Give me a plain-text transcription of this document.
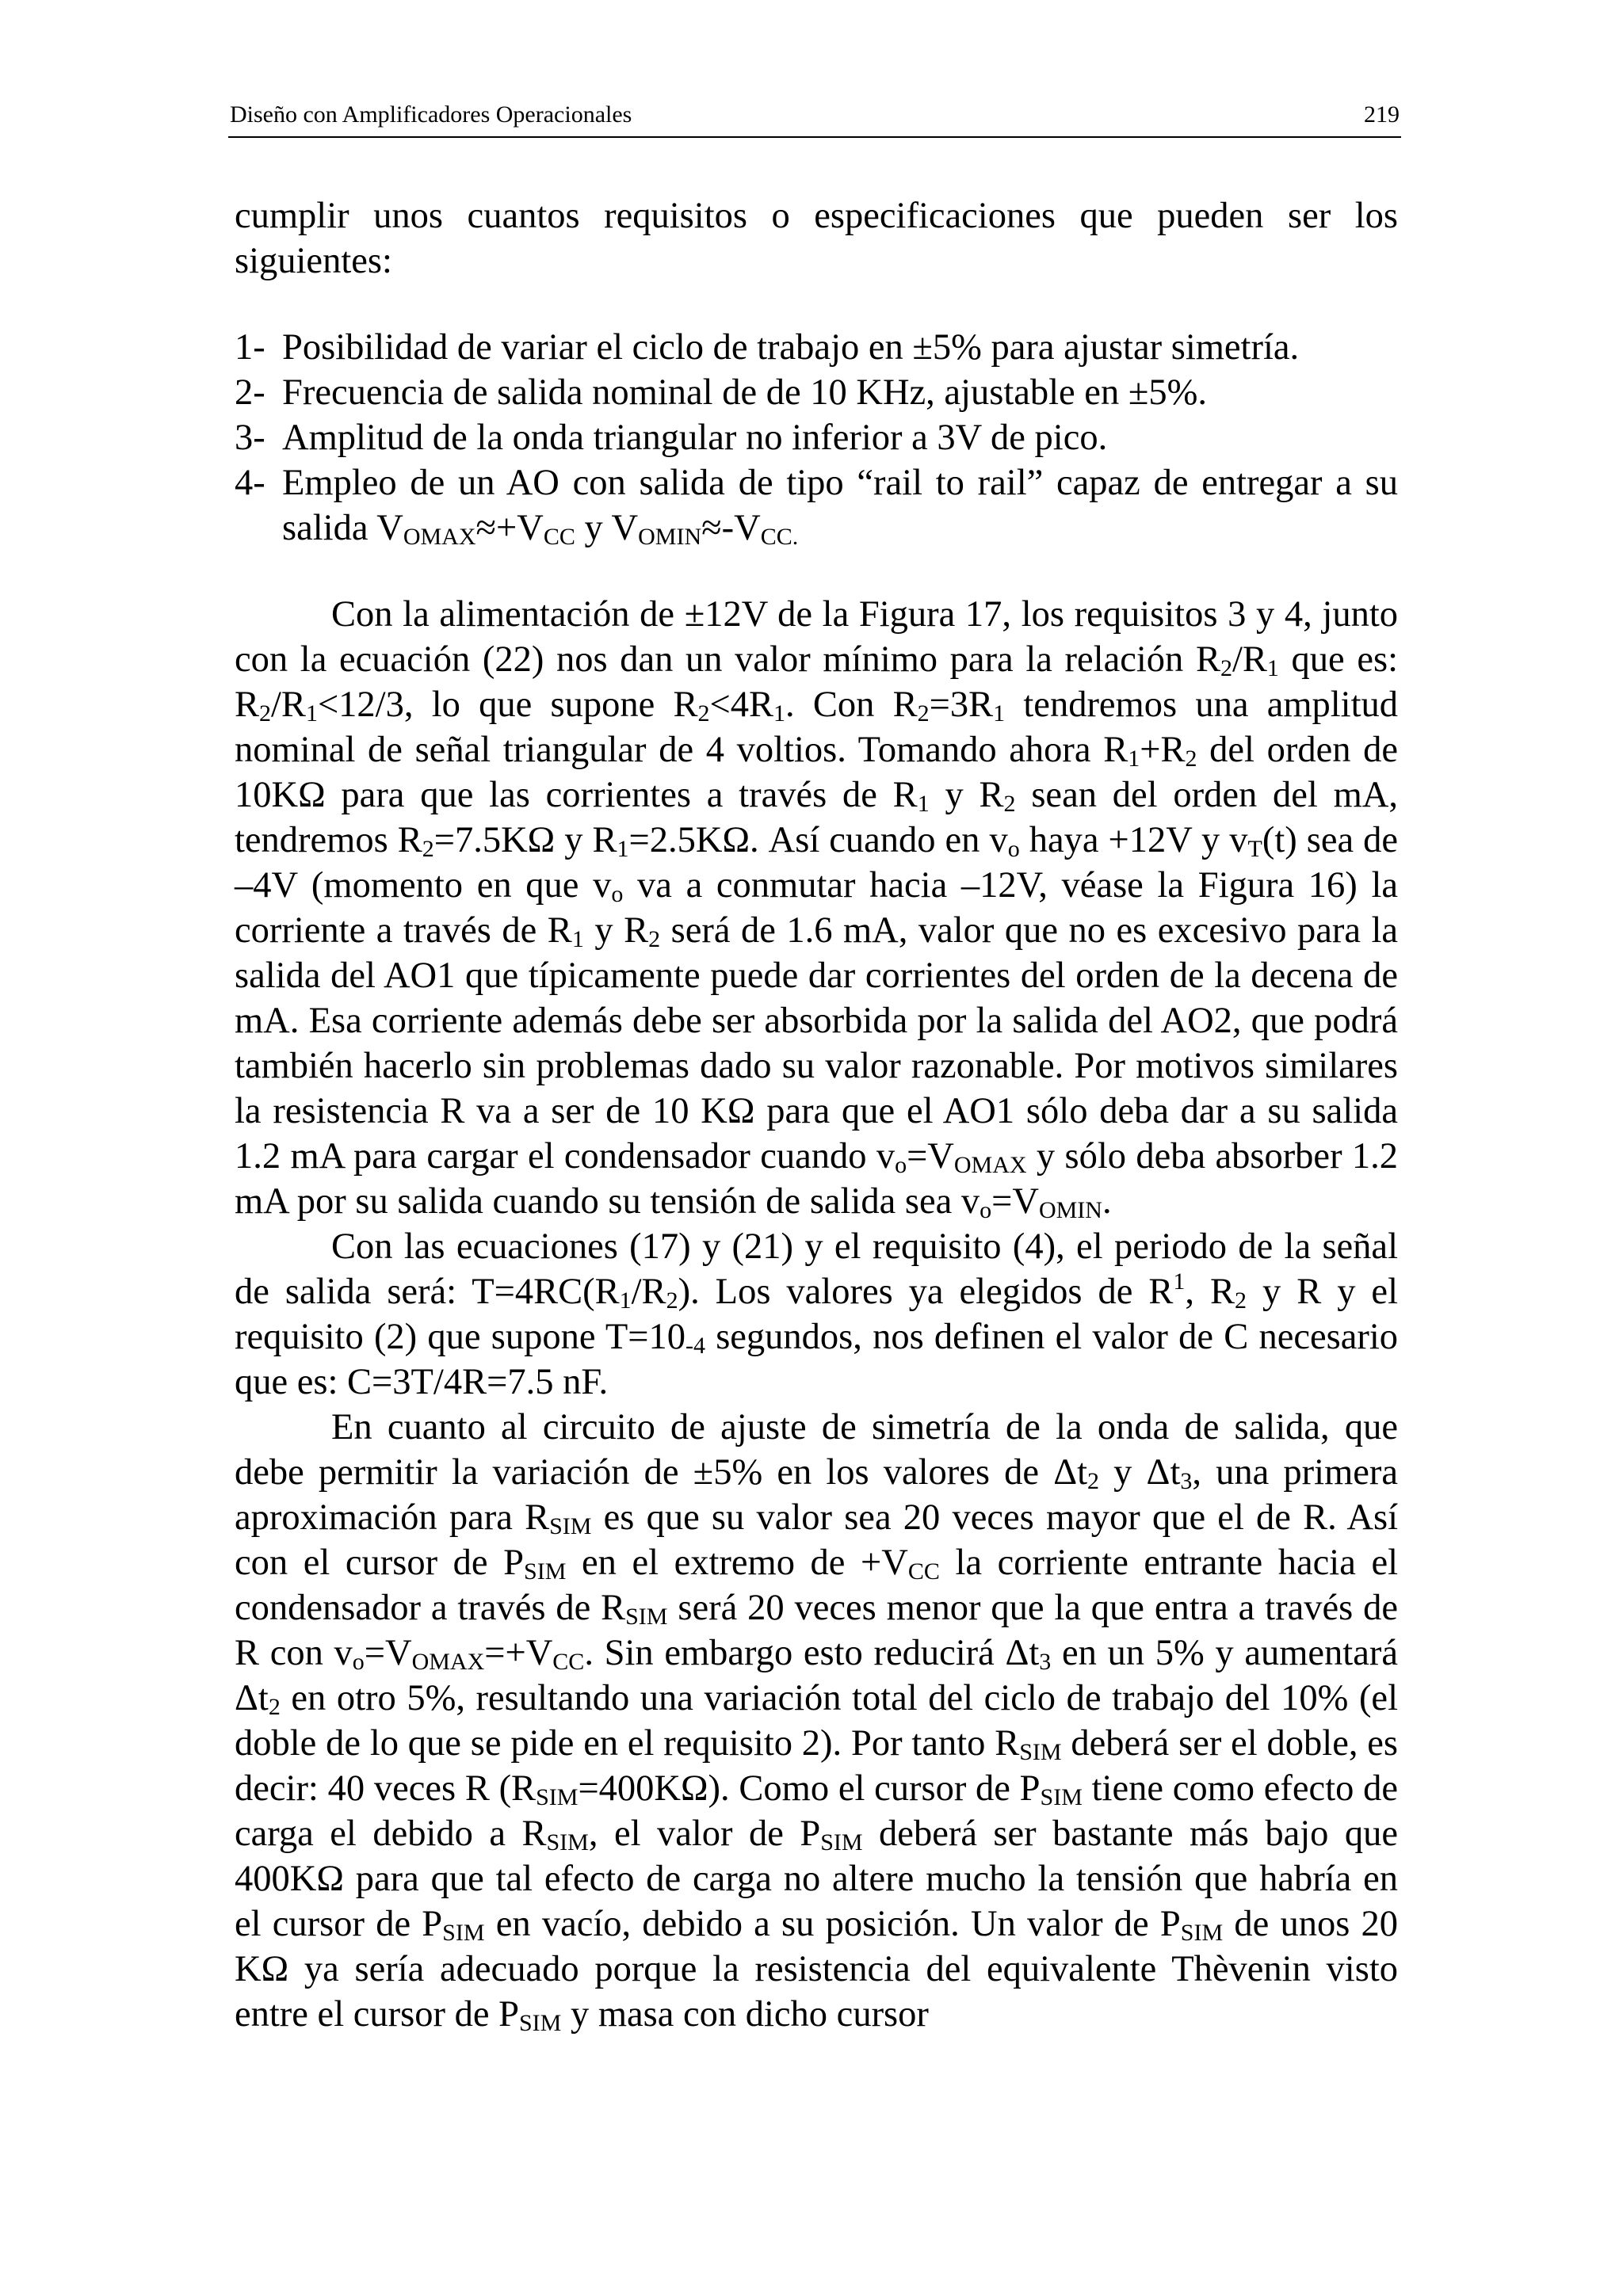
Diseño con Amplificadores Operacionales	219

cumplir unos cuantos requisitos o especificaciones que pueden ser los siguientes:

1- Posibilidad de variar el ciclo de trabajo en ±5% para ajustar simetría.
2- Frecuencia de salida nominal de de 10 KHz, ajustable en ±5%.
3- Amplitud de la onda triangular no inferior a 3V de pico.
4- Empleo de un AO con salida de tipo “rail to rail” capaz de entregar a su salida $V_{OMAX}\approx+V_{CC}$ y $V_{OMIN}\approx-V_{CC.}$

Con la alimentación de ±12V de la Figura 17, los requisitos 3 y 4, junto con la ecuación (22) nos dan un valor mínimo para la relación $R_2/R_1$ que es: $R_2/R_1<12/3$, lo que supone $R_2<4R_1$. Con $R_2=3R_1$ tendremos una amplitud nominal de señal triangular de 4 voltios. Tomando ahora $R_1+R_2$ del orden de 10KΩ para que las corrientes a través de $R_1$ y $R_2$ sean del orden del mA, tendremos $R_2=7.5K\Omega$ y $R_1=2.5K\Omega$. Así cuando en $v_o$ haya +12V y $v_T(t)$ sea de –4V (momento en que $v_o$ va a conmutar hacia –12V, véase la Figura 16) la corriente a través de $R_1$ y $R_2$ será de 1.6 mA, valor que no es excesivo para la salida del AO1 que típicamente puede dar corrientes del orden de la decena de mA. Esa corriente además debe ser absorbida por la salida del AO2, que podrá también hacerlo sin problemas dado su valor razonable. Por motivos similares la resistencia R va a ser de 10 KΩ para que el AO1 sólo deba dar a su salida 1.2 mA para cargar el condensador cuando $v_o=V_{OMAX}$ y sólo deba absorber 1.2 mA por su salida cuando su tensión de salida sea $v_o=V_{OMIN}$.

Con las ecuaciones (17) y (21) y el requisito (4), el periodo de la señal de salida será: $T=4RC(R_1/R_2)$. Los valores ya elegidos de $R^1$, $R_2$ y R y el requisito (2) que supone $T=10_{-4}$ segundos, nos definen el valor de C necesario que es: C=3T/4R=7.5 nF.

En cuanto al circuito de ajuste de simetría de la onda de salida, que debe permitir la variación de ±5% en los valores de $\Delta t_2$ y $\Delta t_3$, una primera aproximación para $R_{SIM}$ es que su valor sea 20 veces mayor que el de R. Así con el cursor de $P_{SIM}$ en el extremo de $+V_{CC}$ la corriente entrante hacia el condensador a través de $R_{SIM}$ será 20 veces menor que la que entra a través de R con $v_o=V_{OMAX}=+V_{CC}$. Sin embargo esto reducirá $\Delta t_3$ en un 5% y aumentará $\Delta t_2$ en otro 5%, resultando una variación total del ciclo de trabajo del 10% (el doble de lo que se pide en el requisito 2). Por tanto $R_{SIM}$ deberá ser el doble, es decir: 40 veces R $(R_{SIM}=400K\Omega)$. Como el cursor de $P_{SIM}$ tiene como efecto de carga el debido a $R_{SIM}$, el valor de $P_{SIM}$ deberá ser bastante más bajo que 400KΩ para que tal efecto de carga no altere mucho la tensión que habría en el cursor de $P_{SIM}$ en vacío, debido a su posición. Un valor de $P_{SIM}$ de unos 20 KΩ ya sería adecuado porque la resistencia del equivalente Thèvenin visto entre el cursor de $P_{SIM}$ y masa con dicho cursor
